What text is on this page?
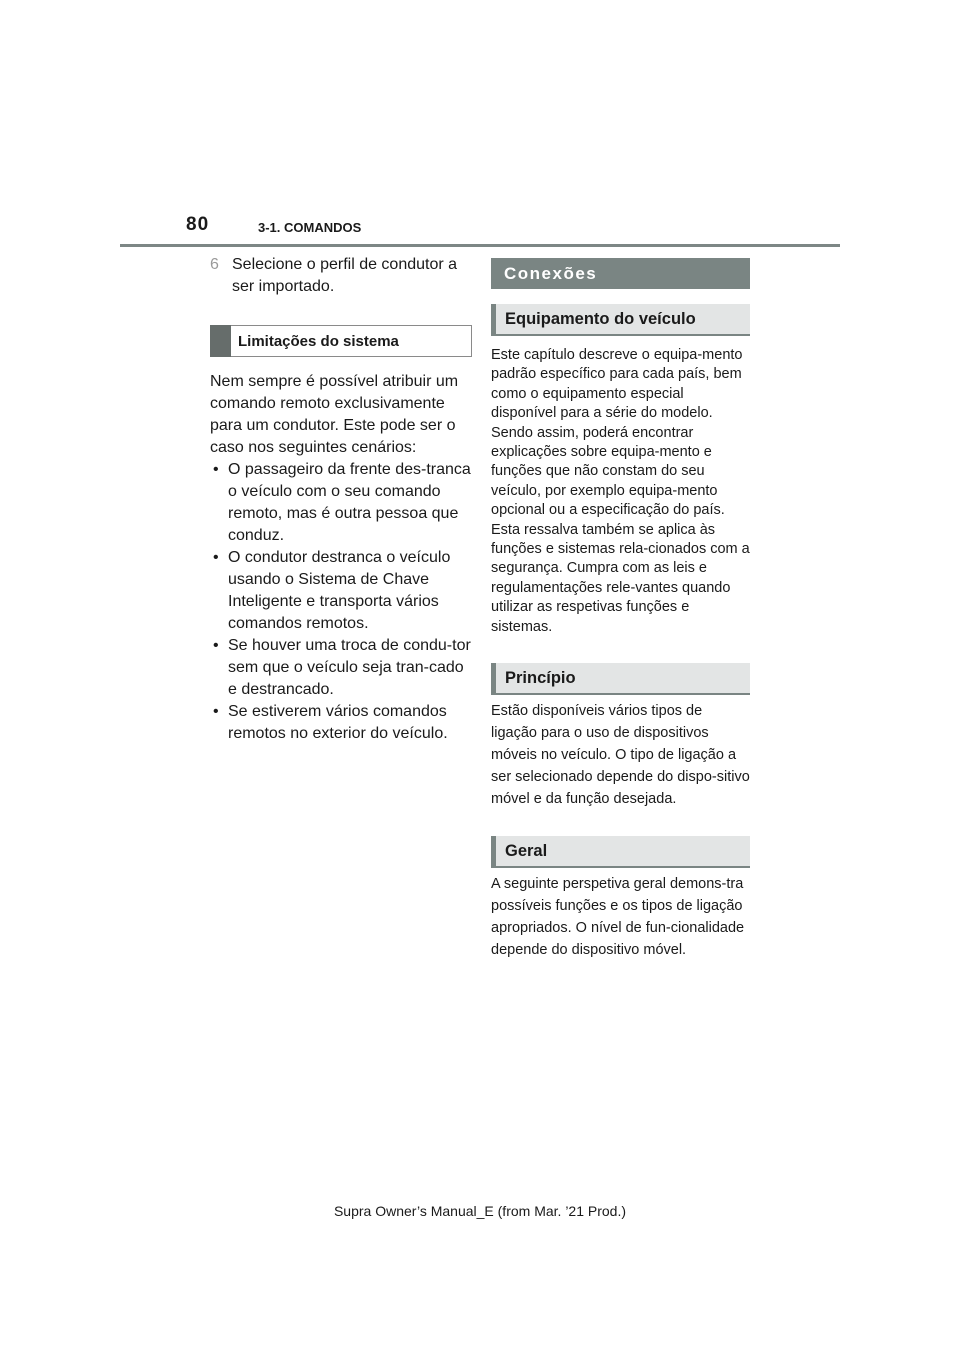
80	3-1. COMANDOS
6 Selecione o perfil de condutor a ser importado.
Limitações do sistema
Nem sempre é possível atribuir um comando remoto exclusivamente para um condutor. Este pode ser o caso nos seguintes cenários:
• O passageiro da frente des-tranca o veículo com o seu comando remoto, mas é outra pessoa que conduz.
• O condutor destranca o veículo usando o Sistema de Chave Inteligente e transporta vários comandos remotos.
• Se houver uma troca de condu-tor sem que o veículo seja tran-cado e destrancado.
• Se estiverem vários comandos remotos no exterior do veículo.
Conexões
Equipamento do veículo
Este capítulo descreve o equipa-mento padrão específico para cada país, bem como o equipamento especial disponível para a série do modelo. Sendo assim, poderá encontrar explicações sobre equipa-mento e funções que não constam do seu veículo, por exemplo equipa-mento opcional ou a especificação do país. Esta ressalva também se aplica às funções e sistemas rela-cionados com a segurança. Cumpra com as leis e regulamentações rele-vantes quando utilizar as respetivas funções e sistemas.
Princípio
Estão disponíveis vários tipos de ligação para o uso de dispositivos móveis no veículo. O tipo de ligação a ser selecionado depende do dispo-sitivo móvel e da função desejada.
Geral
A seguinte perspetiva geral demons-tra possíveis funções e os tipos de ligação apropriados. O nível de fun-cionalidade depende do dispositivo móvel.
Supra Owner’s Manual_E (from Mar. ’21 Prod.)
